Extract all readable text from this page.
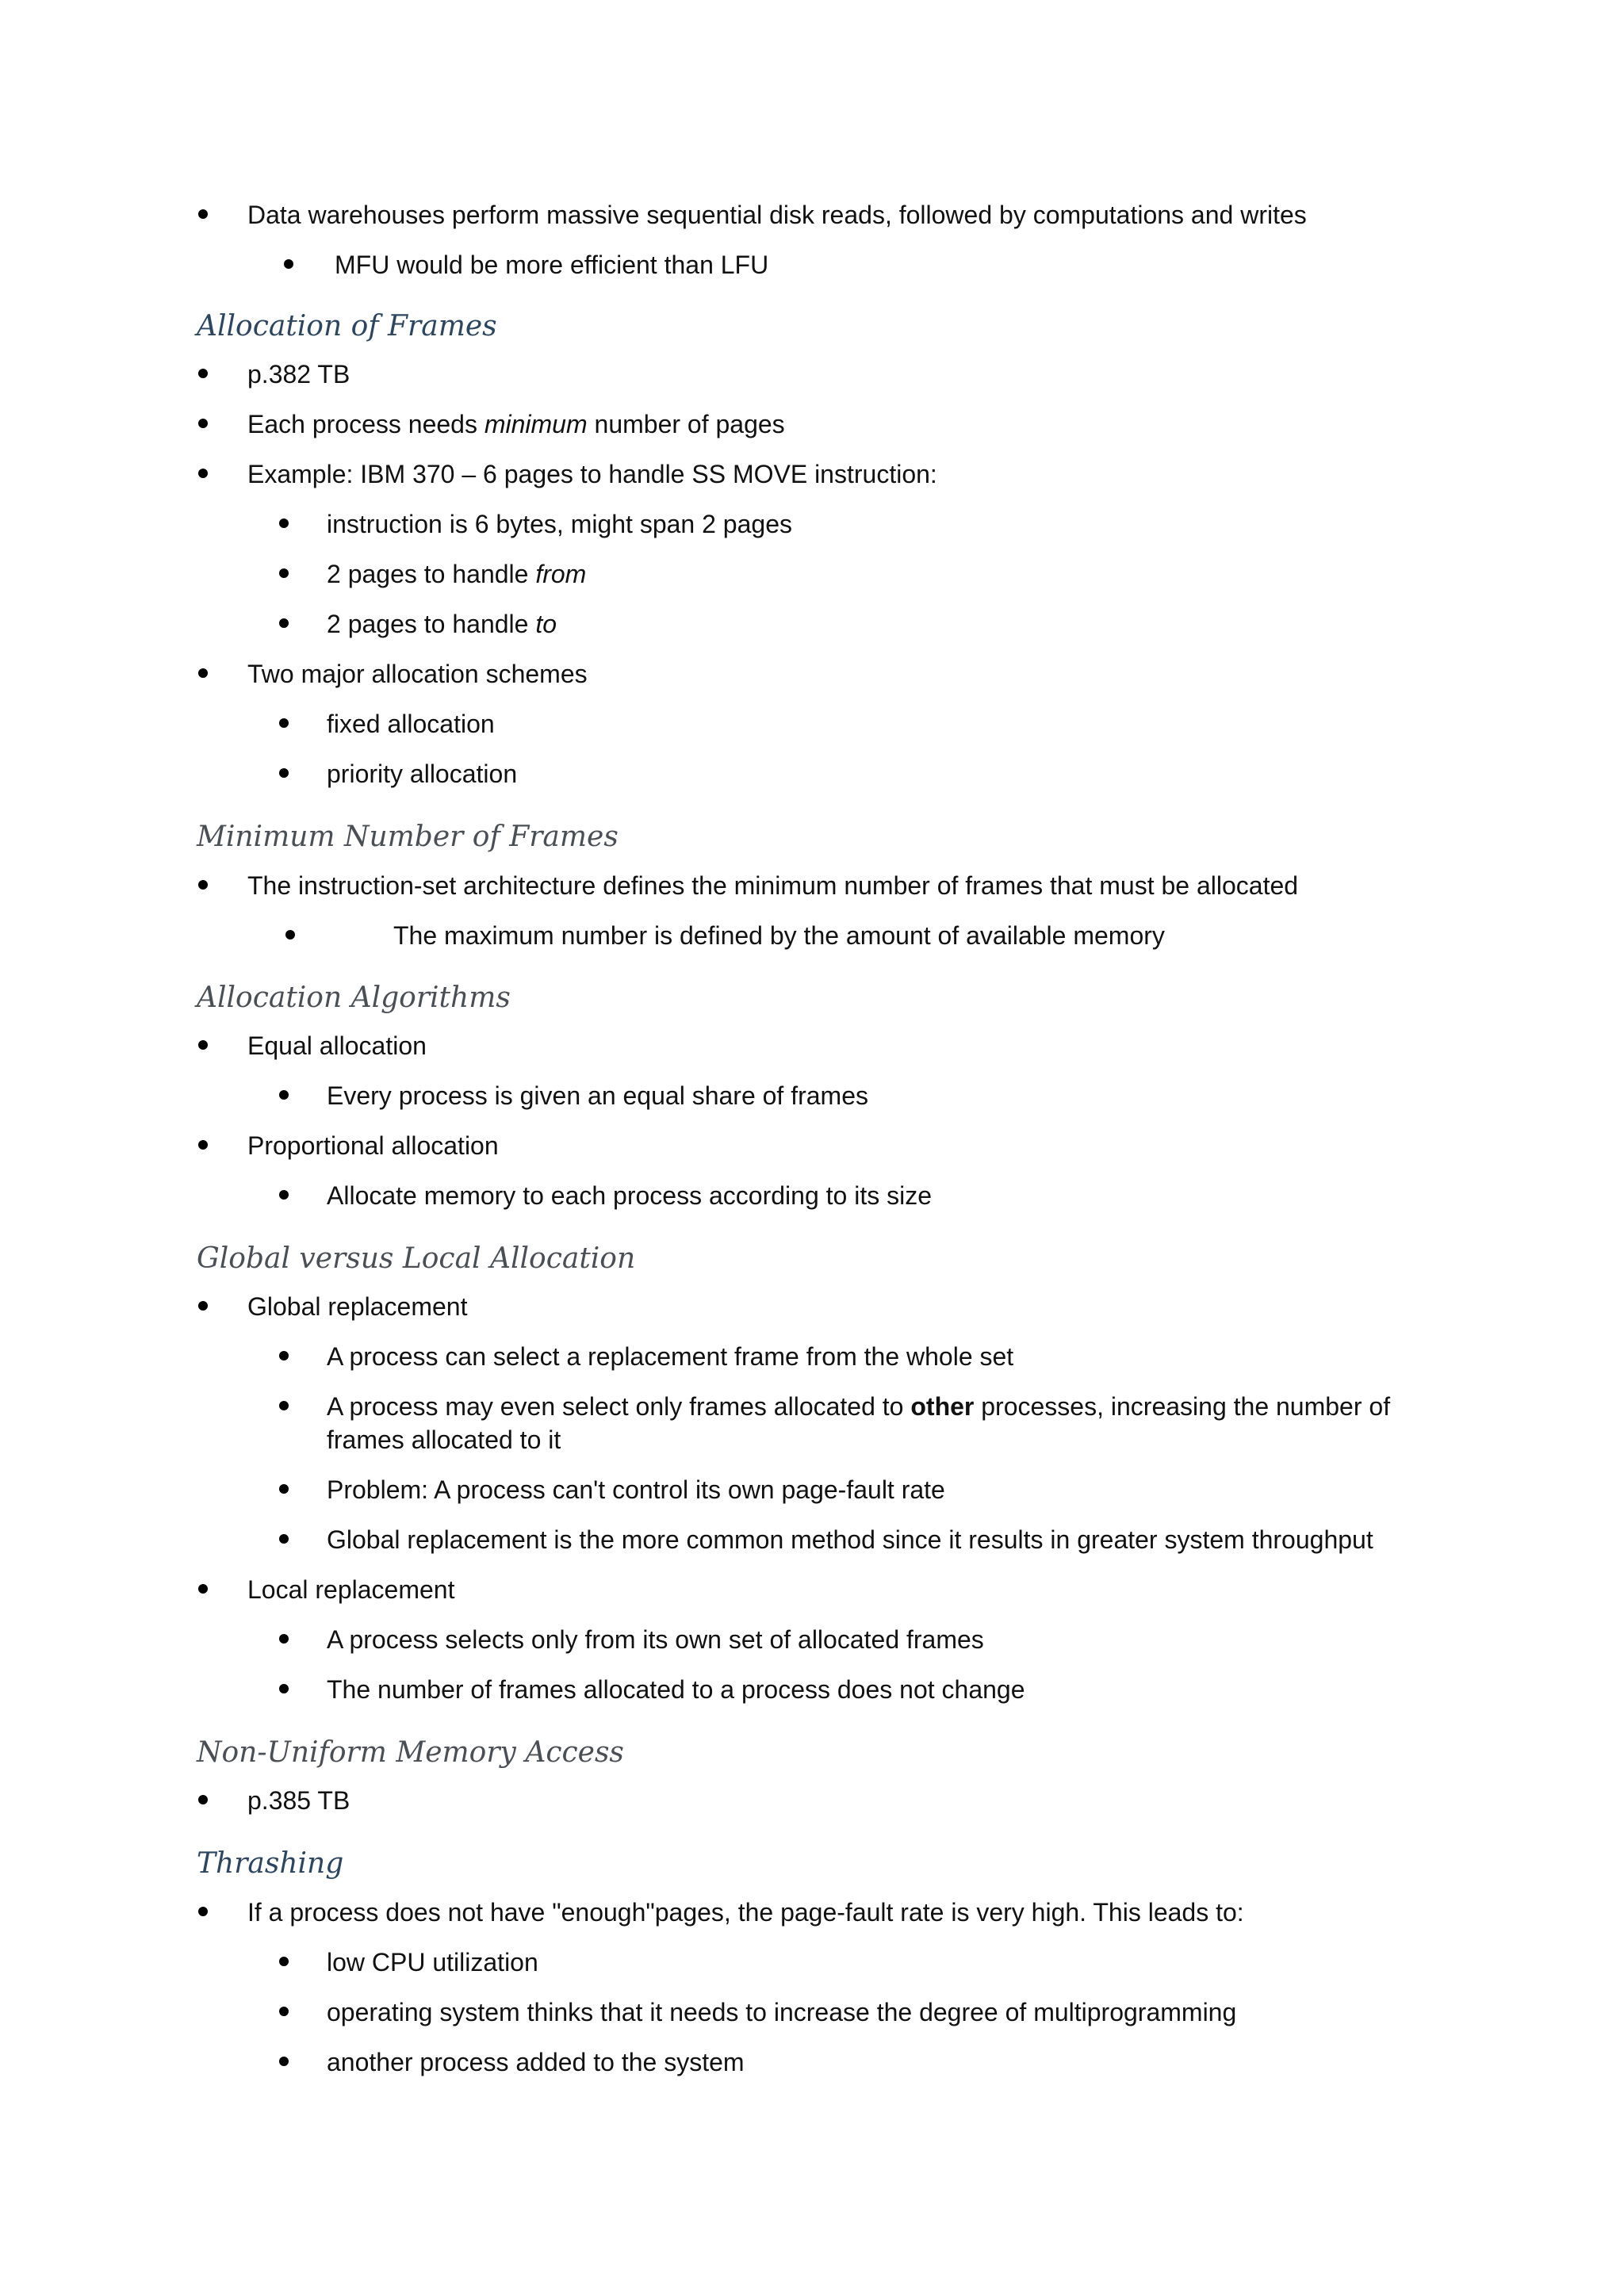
Data warehouses perform massive sequential disk reads, followed by computations and writes
MFU would be more efficient than LFU
Allocation of Frames
p.382 TB
Each process needs minimum number of pages
Example: IBM 370 – 6 pages to handle SS MOVE instruction:
instruction is 6 bytes, might span 2 pages
2 pages to handle from
2 pages to handle to
Two major allocation schemes
fixed allocation
priority allocation
Minimum Number of Frames
The instruction-set architecture defines the minimum number of frames that must be allocated
The maximum number is defined by the amount of available memory
Allocation Algorithms
Equal allocation
Every process is given an equal share of frames
Proportional allocation
Allocate memory to each process according to its size
Global versus Local Allocation
Global replacement
A process can select a replacement frame from the whole set
A process may even select only frames allocated to other processes, increasing the number of frames allocated to it
Problem: A process can't control its own page-fault rate
Global replacement is the more common method since it results in greater system throughput
Local replacement
A process selects only from its own set of allocated frames
The number of frames allocated to a process does not change
Non-Uniform Memory Access
p.385 TB
Thrashing
If a process does not have "enough"pages, the page-fault rate is very high. This leads to:
low CPU utilization
operating system thinks that it needs to increase the degree of multiprogramming
another process added to the system
